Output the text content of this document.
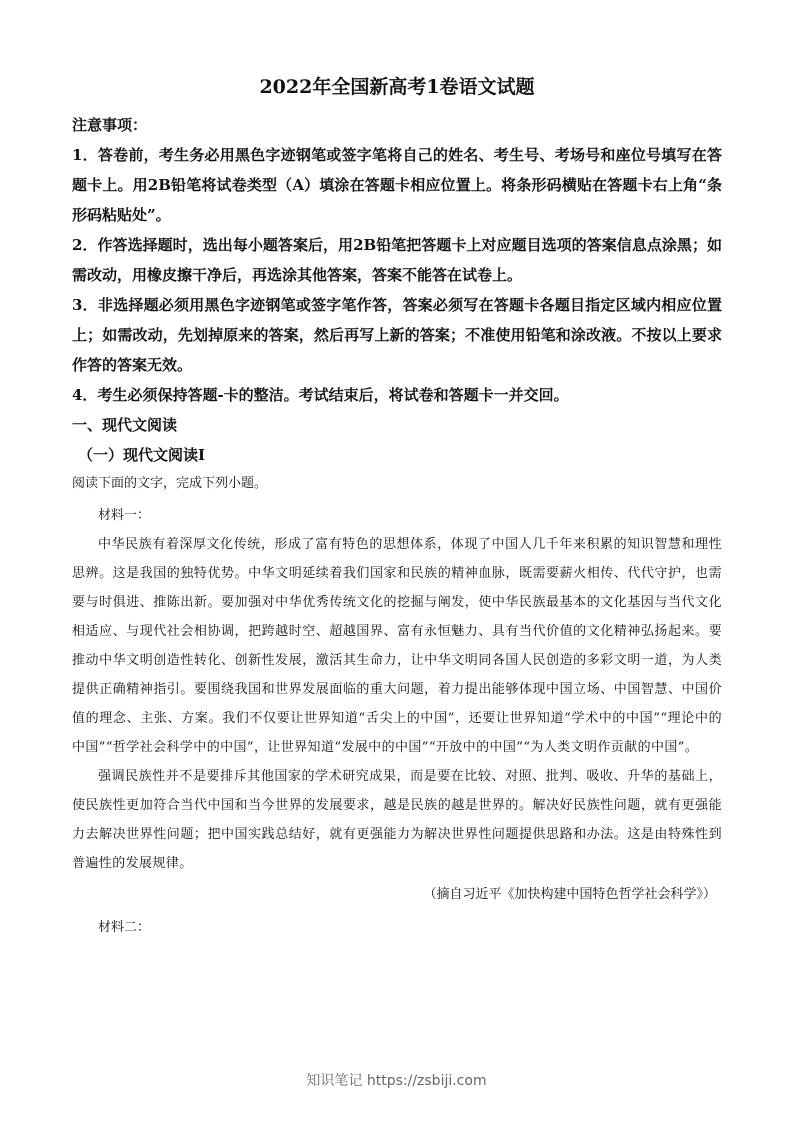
2022年全国新高考1卷语文试题

注意事项：

1．答卷前，考生务必用黑色字迹钢笔或签字笔将自己的姓名、考生号、考场号和座位号填写在答题卡上。用2B铅笔将试卷类型（A）填涂在答题卡相应位置上。将条形码横贴在答题卡右上角“条形码粘贴处”。

2．作答选择题时，选出每小题答案后，用2B铅笔把答题卡上对应题目选项的答案信息点涂黑；如需改动，用橡皮擦干净后，再选涂其他答案，答案不能答在试卷上。

3．非选择题必须用黑色字迹钢笔或签字笔作答，答案必须写在答题卡各题目指定区域内相应位置上；如需改动，先划掉原来的答案，然后再写上新的答案；不准使用铅笔和涂改液。不按以上要求作答的答案无效。

4．考生必须保持答题-卡的整洁。考试结束后，将试卷和答题卡一并交回。

一、现代文阅读

（一）现代文阅读Ⅰ

阅读下面的文字，完成下列小题。

材料一：

中华民族有着深厚文化传统，形成了富有特色的思想体系，体现了中国人几千年来积累的知识智慧和理性思辨。这是我国的独特优势。中华文明延续着我们国家和民族的精神血脉，既需要薪火相传、代代守护，也需要与时俱进、推陈出新。要加强对中华优秀传统文化的挖掘与阐发，使中华民族最基本的文化基因与当代文化相适应、与现代社会相协调，把跨越时空、超越国界、富有永恒魅力、具有当代价值的文化精神弘扬起来。要推动中华文明创造性转化、创新性发展，激活其生命力，让中华文明同各国人民创造的多彩文明一道，为人类提供正确精神指引。要围绕我国和世界发展面临的重大问题，着力提出能够体现中国立场、中国智慧、中国价值的理念、主张、方案。我们不仅要让世界知道“舌尖上的中国”，还要让世界知道“学术中的中国”“理论中的中国”“哲学社会科学中的中国”，让世界知道“发展中的中国”“开放中的中国”“为人类文明作贡献的中国”。

强调民族性并不是要排斥其他国家的学术研究成果，而是要在比较、对照、批判、吸收、升华的基础上，使民族性更加符合当代中国和当今世界的发展要求，越是民族的越是世界的。解决好民族性问题，就有更强能力去解决世界性问题；把中国实践总结好，就有更强能力为解决世界性问题提供思路和办法。这是由特殊性到普遍性的发展规律。

（摘自习近平《加快构建中国特色哲学社会科学》）

材料二：

知识笔记 https://zsbiji.com
